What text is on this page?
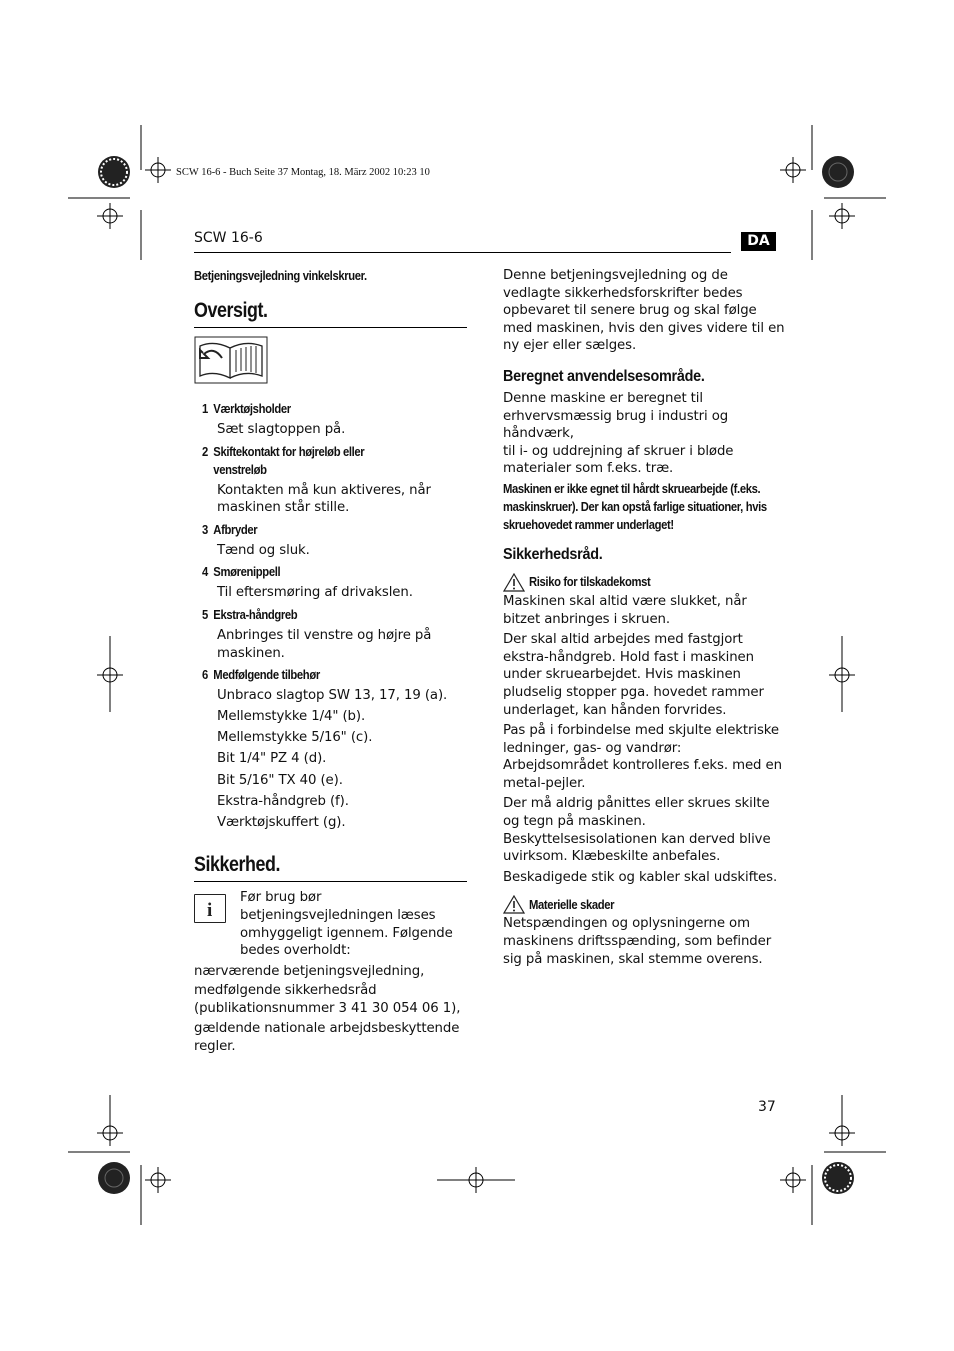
SCW 16-6 - Buch Seite 37 Montag, 18. März 2002 10:23 10
SCW 16-6	DA
Betjeningsvejledning vinkelskruer.
Oversigt.
1 Værktøjsholder
Sæt slagtoppen på.
2 Skiftekontakt for højreløb eller venstreløb
Kontakten må kun aktiveres, når maskinen står stille.
3 Afbryder
Tænd og sluk.
4 Smørenippell
Til eftersmøring af drivakslen.
5 Ekstra-håndgreb
Anbringes til venstre og højre på maskinen.
6 Medfølgende tilbehør
Unbraco slagtop SW 13, 17, 19 (a).
Mellemstykke 1/4" (b).
Mellemstykke 5/16" (c).
Bit 1/4" PZ 4 (d).
Bit 5/16" TX 40 (e).
Ekstra-håndgreb (f).
Værktøjskuffert (g).
Sikkerhed.
i
Før brug bør betjeningsvejledningen læses omhyggeligt igennem. Følgende bedes overholdt:
nærværende betjeningsvejledning,
medfølgende sikkerhedsråd (publikationsnummer 3 41 30 054 06 1),
gældende nationale arbejdsbeskyttende regler.
Denne betjeningsvejledning og de vedlagte sikkerhedsforskrifter bedes opbevaret til senere brug og skal følge med maskinen, hvis den gives videre til en ny ejer eller sælges.
Beregnet anvendelsesområde.
Denne maskine er beregnet til erhvervsmæssig brug i industri og håndværk,
til i- og uddrejning af skruer i bløde materialer som f.eks. træ.
Maskinen er ikke egnet til hårdt skruearbejde (f.eks. maskinskruer). Der kan opstå farlige situationer, hvis skruehovedet rammer underlaget!
Sikkerhedsråd.
Risiko for tilskadekomst
Maskinen skal altid være slukket, når bitzet anbringes i skruen.
Der skal altid arbejdes med fastgjort ekstra-håndgreb. Hold fast i maskinen under skruearbejdet. Hvis maskinen pludselig stopper pga. hovedet rammer underlaget, kan hånden forvrides.
Pas på i forbindelse med skjulte elektriske ledninger, gas- og vandrør: Arbejdsområdet kontrolleres f.eks. med en metal-pejler.
Der må aldrig pånittes eller skrues skilte og tegn på maskinen. Beskyttelsesisolationen kan derved blive uvirksom. Klæbeskilte anbefales.
Beskadigede stik og kabler skal udskiftes.
Materielle skader
Netspændingen og oplysningerne om maskinens driftsspænding, som befinder sig på maskinen, skal stemme overens.
37
